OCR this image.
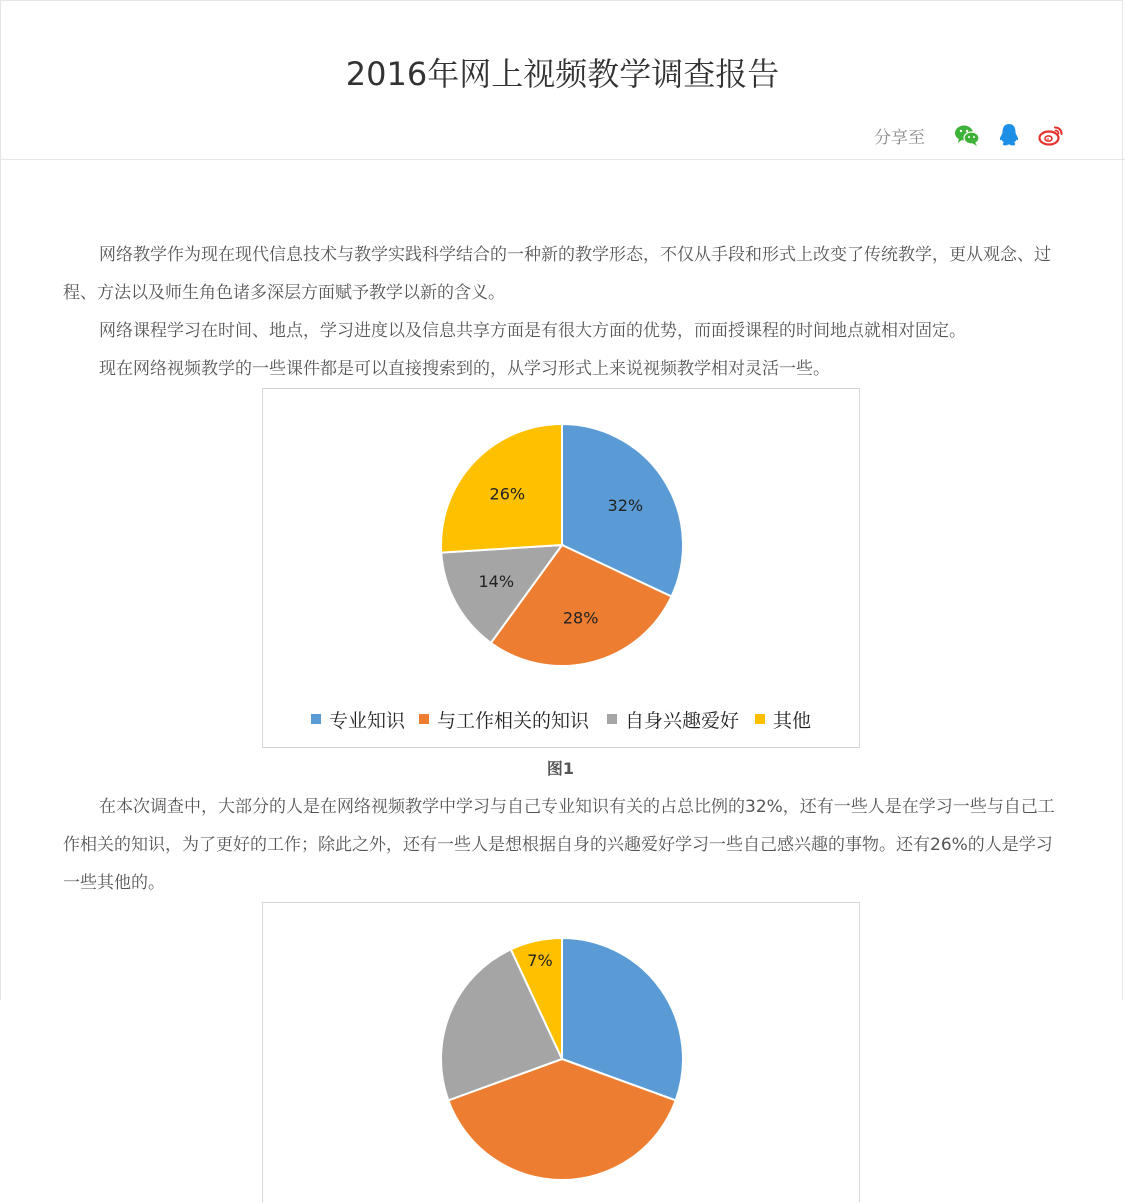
2016年网上视频教学调查报告
分享至

网络教学作为现在现代信息技术与教学实践科学结合的一种新的教学形态，不仅从手段和形式上改变了传统教学，更从观念、过程、方法以及师生角色诸多深层方面赋予教学以新的含义。

网络课程学习在时间、地点，学习进度以及信息共享方面是有很大方面的优势，而面授课程的时间地点就相对固定。

现在网络视频教学的一些课件都是可以直接搜索到的，从学习形式上来说视频教学相对灵活一些。

32%
28%
14%
26%
专业知识 与工作相关的知识 自身兴趣爱好 其他
图1

在本次调查中，大部分的人是在网络视频教学中学习与自己专业知识有关的占总比例的32%，还有一些人是在学习一些与自己工作相关的知识，为了更好的工作；除此之外，还有一些人是想根据自身的兴趣爱好学习一些自己感兴趣的事物。还有26%的人是学习一些其他的。

7%
